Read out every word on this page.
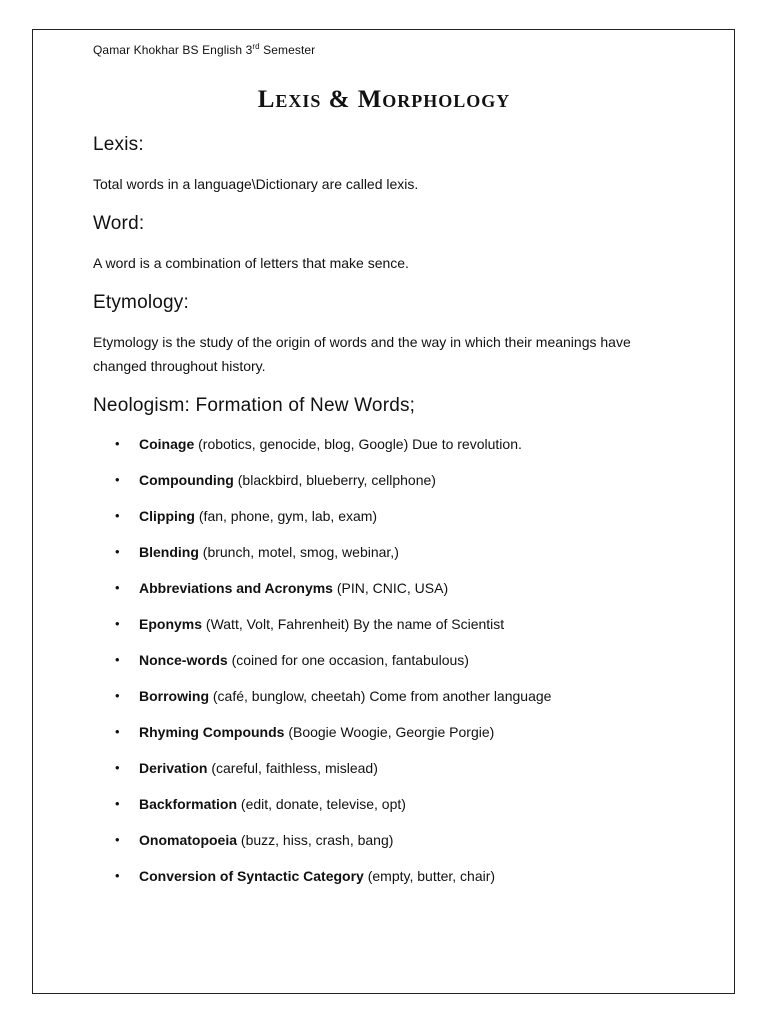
Qamar Khokhar BS English 3rd Semester
Lexis & Morphology
Lexis:

Total words in a language\Dictionary are called lexis.

Word:

A word is a combination of letters that make sence.

Etymology:

Etymology is the study of the origin of words and the way in which their meanings have changed throughout history.

Neologism: Formation of New Words;
• Coinage (robotics, genocide, blog, Google) Due to revolution.
• Compounding (blackbird, blueberry, cellphone)
• Clipping (fan, phone, gym, lab, exam)
• Blending (brunch, motel, smog, webinar,)
• Abbreviations and Acronyms (PIN, CNIC, USA)
• Eponyms (Watt, Volt, Fahrenheit) By the name of Scientist
• Nonce-words (coined for one occasion, fantabulous)
• Borrowing (café, bunglow, cheetah) Come from another language
• Rhyming Compounds (Boogie Woogie, Georgie Porgie)
• Derivation (careful, faithless, mislead)
• Backformation (edit, donate, televise, opt)
• Onomatopoeia (buzz, hiss, crash, bang)
• Conversion of Syntactic Category (empty, butter, chair)
